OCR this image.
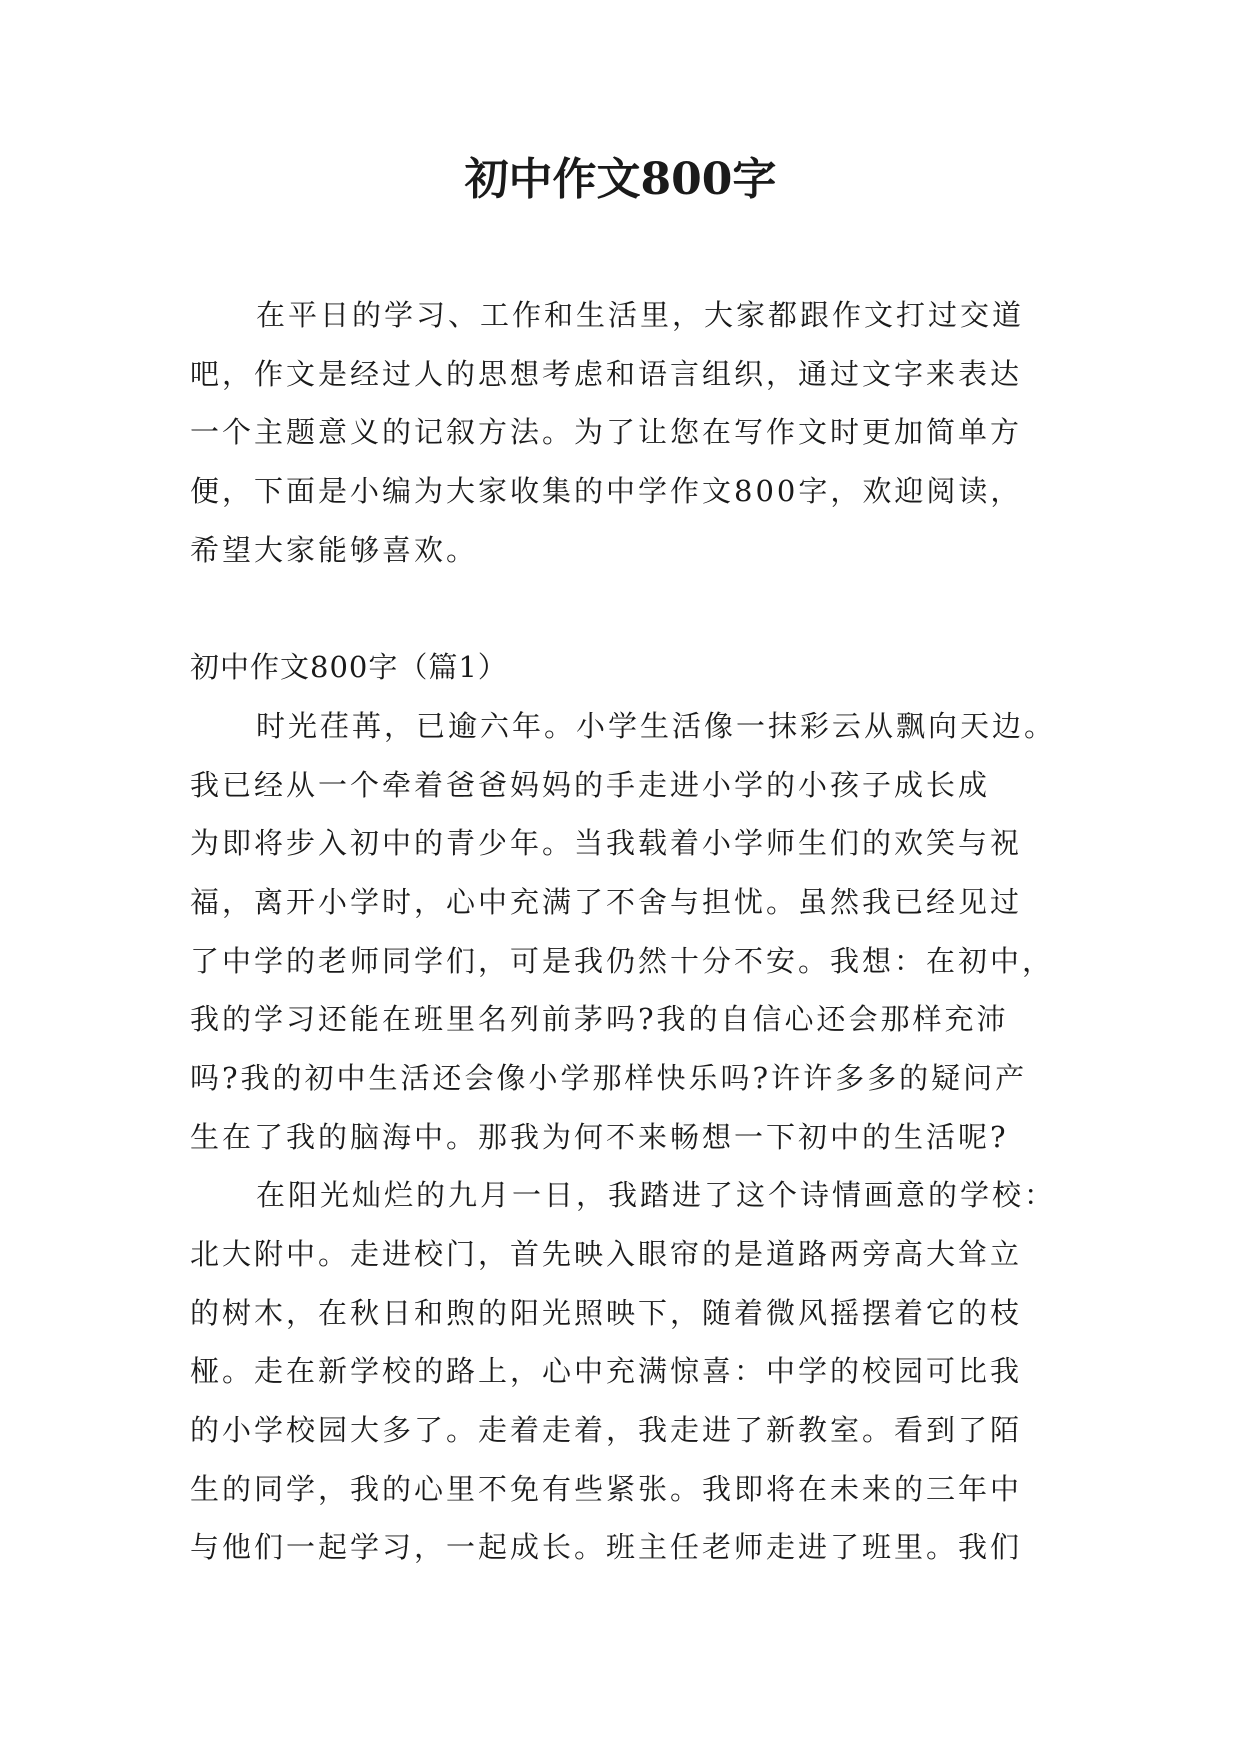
初中作文800字
在平日的学习、工作和生活里，大家都跟作文打过交道
吧，作文是经过人的思想考虑和语言组织，通过文字来表达
一个主题意义的记叙方法。为了让您在写作文时更加简单方
便，下面是小编为大家收集的中学作文800字，欢迎阅读，
希望大家能够喜欢。
初中作文800字（篇1）
时光荏苒，已逾六年。小学生活像一抹彩云从飘向天边。
我已经从一个牵着爸爸妈妈的手走进小学的小孩子成长成
为即将步入初中的青少年。当我载着小学师生们的欢笑与祝
福，离开小学时，心中充满了不舍与担忧。虽然我已经见过
了中学的老师同学们，可是我仍然十分不安。我想：在初中，
我的学习还能在班里名列前茅吗?我的自信心还会那样充沛
吗?我的初中生活还会像小学那样快乐吗?许许多多的疑问产
生在了我的脑海中。那我为何不来畅想一下初中的生活呢?
在阳光灿烂的九月一日，我踏进了这个诗情画意的学校：
北大附中。走进校门，首先映入眼帘的是道路两旁高大耸立
的树木，在秋日和煦的阳光照映下，随着微风摇摆着它的枝
桠。走在新学校的路上，心中充满惊喜：中学的校园可比我
的小学校园大多了。走着走着，我走进了新教室。看到了陌
生的同学，我的心里不免有些紧张。我即将在未来的三年中
与他们一起学习，一起成长。班主任老师走进了班里。我们
